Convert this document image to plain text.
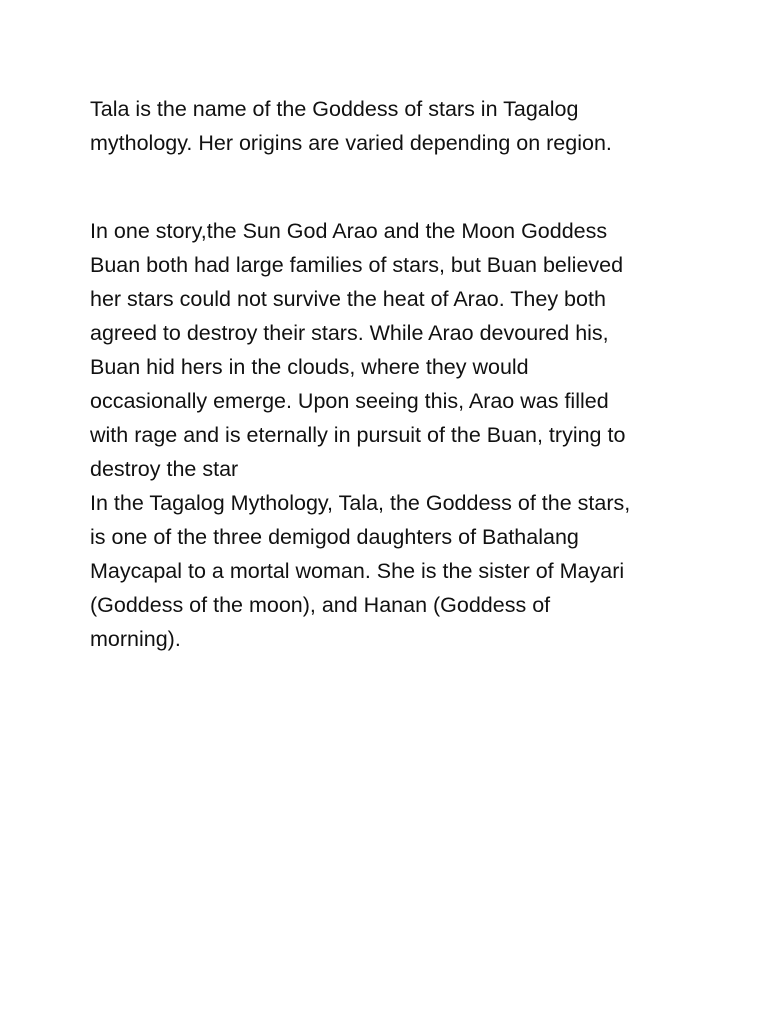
Tala is the name of the Goddess of stars in Tagalog
mythology. Her origins are varied depending on region.

In one story,the Sun God Arao and the Moon Goddess
Buan both had large families of stars, but Buan believed
her stars could not survive the heat of Arao. They both
agreed to destroy their stars. While Arao devoured his,
Buan hid hers in the clouds, where they would
occasionally emerge. Upon seeing this, Arao was filled
with rage and is eternally in pursuit of the Buan, trying to
destroy the star

In the Tagalog Mythology, Tala, the Goddess of the stars,
is one of the three demigod daughters of Bathalang
Maycapal to a mortal woman. She is the sister of Mayari
(Goddess of the moon), and Hanan (Goddess of
morning).
